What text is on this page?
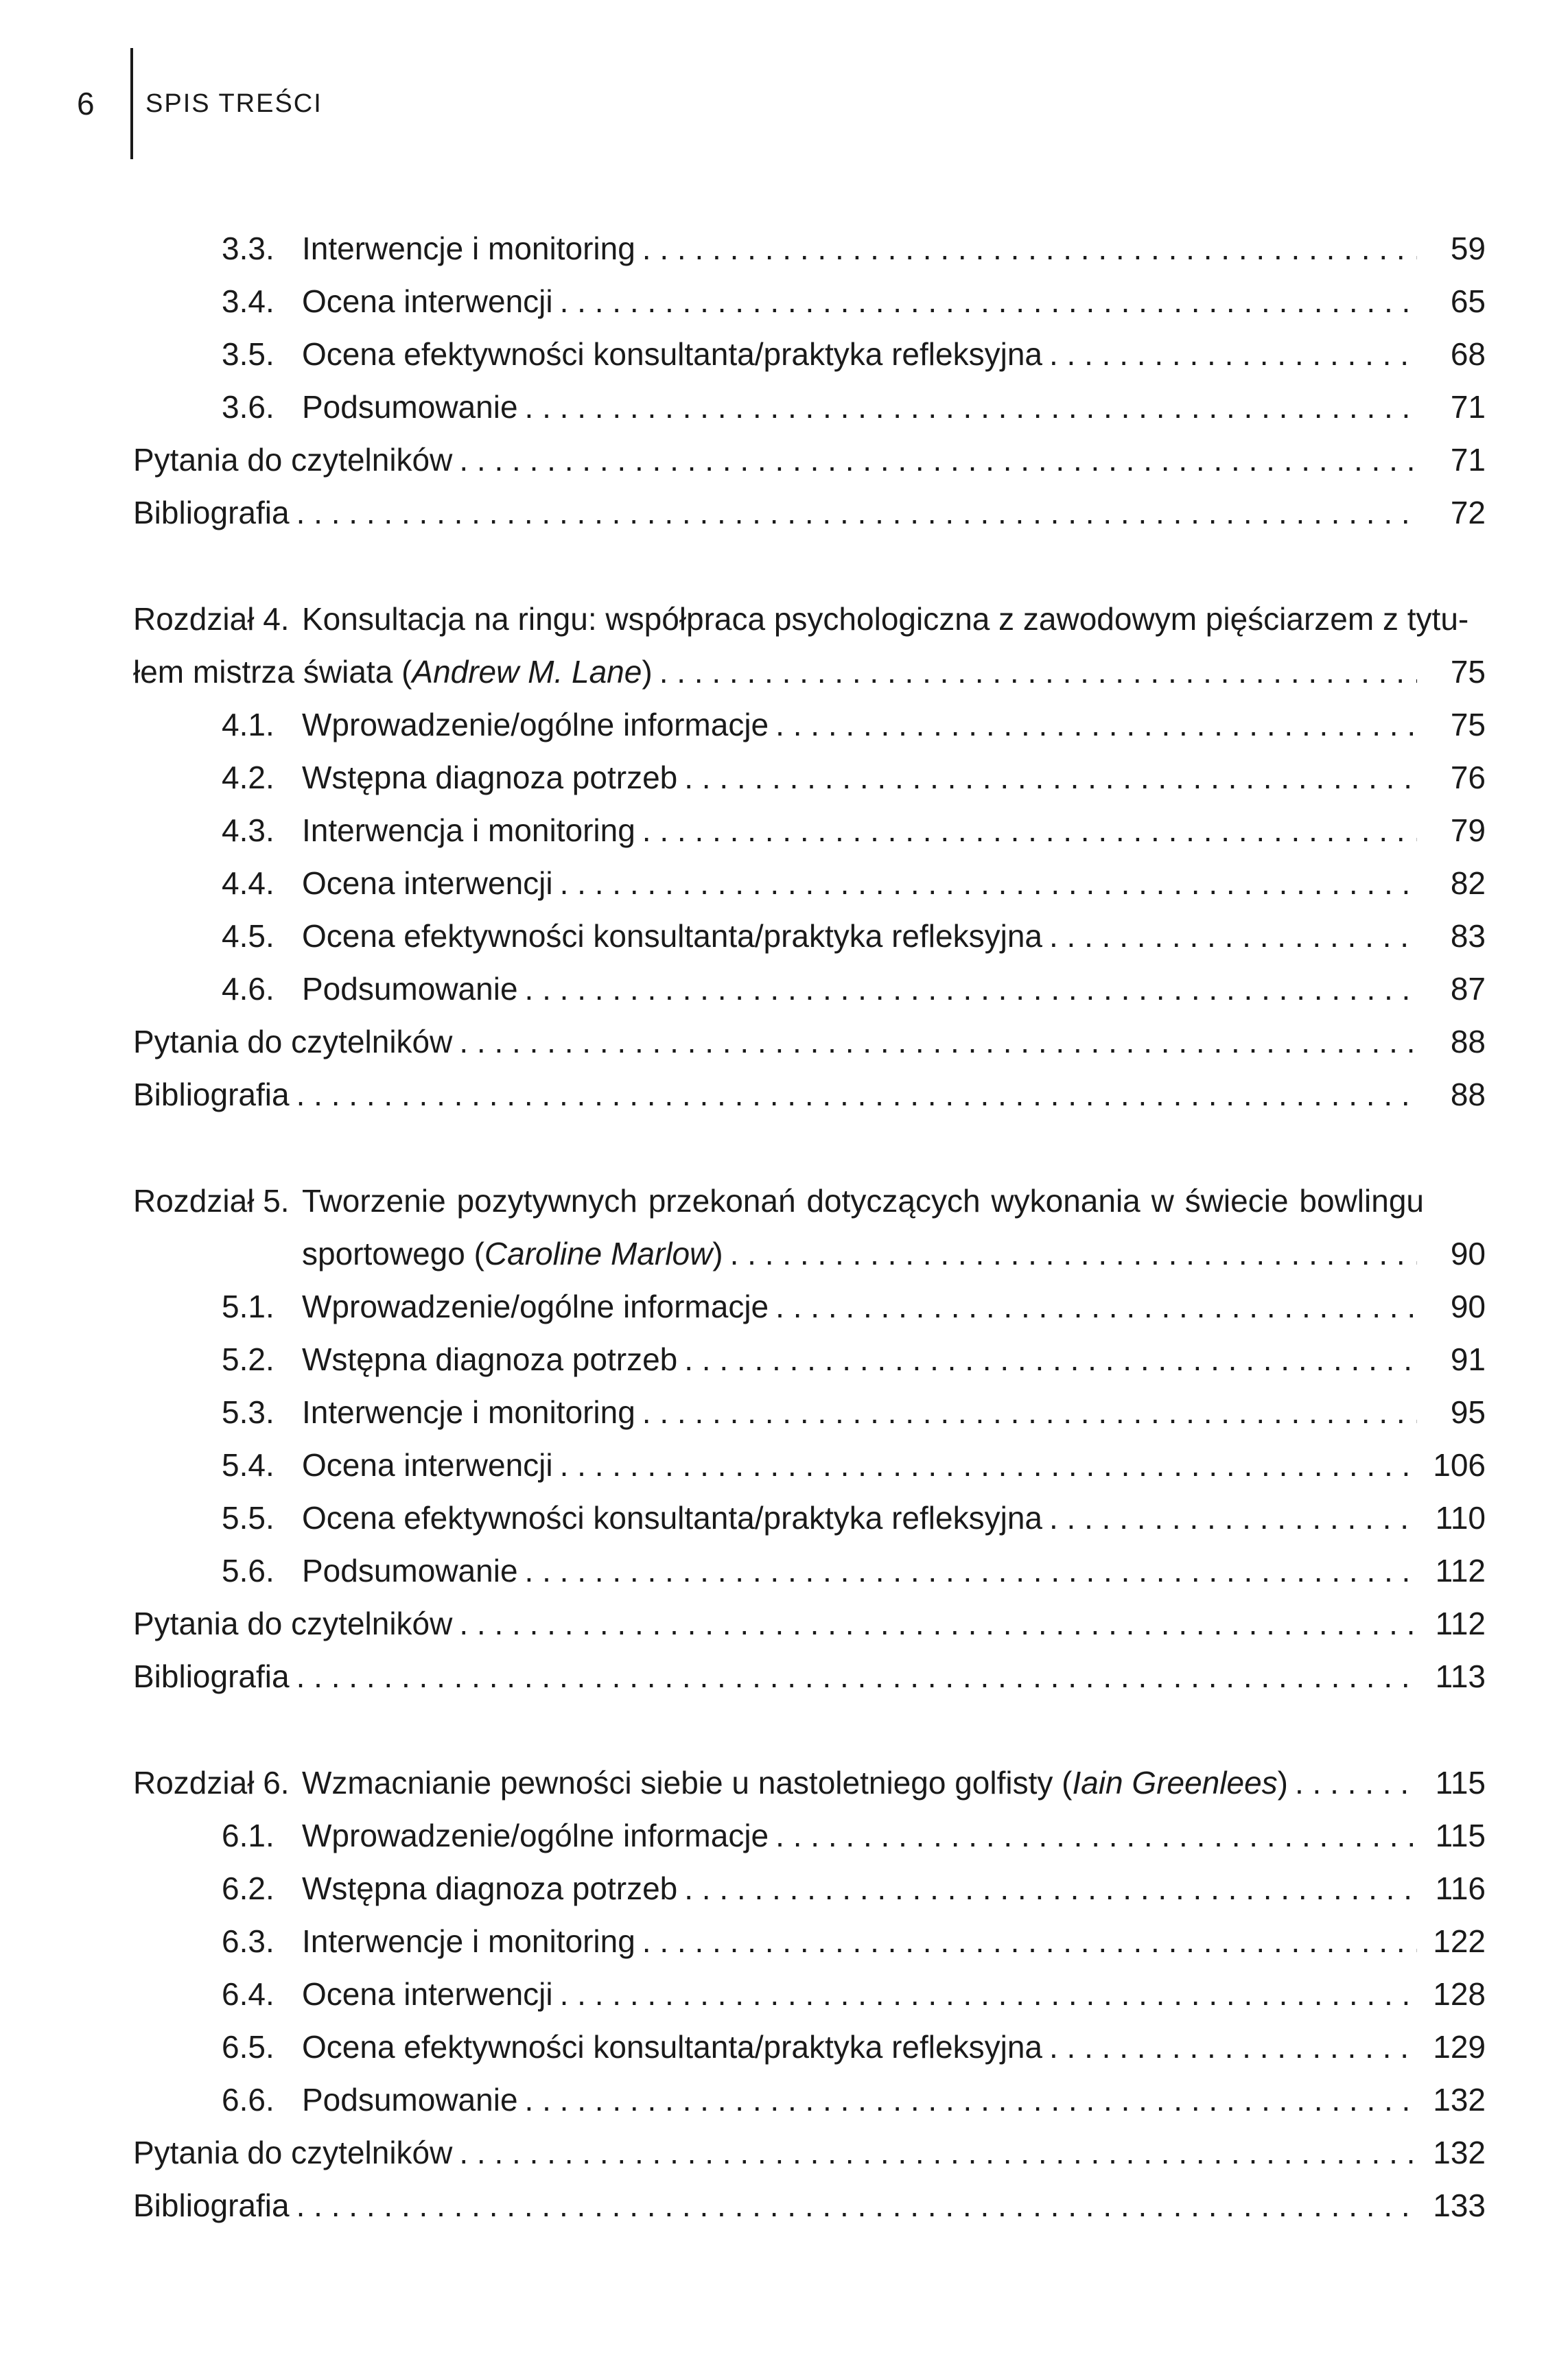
6 SPIS TREŚCI
3.3. Interwencje i monitoring . . .	59
3.4. Ocena interwencji . . .	65
3.5. Ocena efektywności konsultanta/praktyka refleksyjna . . .	68
3.6. Podsumowanie . . .	71
Pytania do czytelników . . .	71
Bibliografia . . .	72
Rozdział 4. Konsultacja na ringu: współpraca psychologiczna z zawodowym pięściarzem z tytu-
łem mistrza świata (Andrew M. Lane) . . .	75
4.1. Wprowadzenie/ogólne informacje . . .	75
4.2. Wstępna diagnoza potrzeb . . .	76
4.3. Interwencja i monitoring . . .	79
4.4. Ocena interwencji . . .	82
4.5. Ocena efektywności konsultanta/praktyka refleksyjna . . .	83
4.6. Podsumowanie . . .	87
Pytania do czytelników . . .	88
Bibliografia . . .	88
Rozdział 5. Tworzenie pozytywnych przekonań dotyczących wykonania w świecie bowlingu
sportowego (Caroline Marlow) . . .	90
5.1. Wprowadzenie/ogólne informacje . . .	90
5.2. Wstępna diagnoza potrzeb . . .	91
5.3. Interwencje i monitoring . . .	95
5.4. Ocena interwencji . . .	106
5.5. Ocena efektywności konsultanta/praktyka refleksyjna . . .	110
5.6. Podsumowanie . . .	112
Pytania do czytelników . . .	112
Bibliografia . . .	113
Rozdział 6. Wzmacnianie pewności siebie u nastoletniego golfisty (Iain Greenlees) . . .	115
6.1. Wprowadzenie/ogólne informacje . . .	115
6.2. Wstępna diagnoza potrzeb . . .	116
6.3. Interwencje i monitoring . . .	122
6.4. Ocena interwencji . . .	128
6.5. Ocena efektywności konsultanta/praktyka refleksyjna . . .	129
6.6. Podsumowanie . . .	132
Pytania do czytelników . . .	132
Bibliografia . . .	133
